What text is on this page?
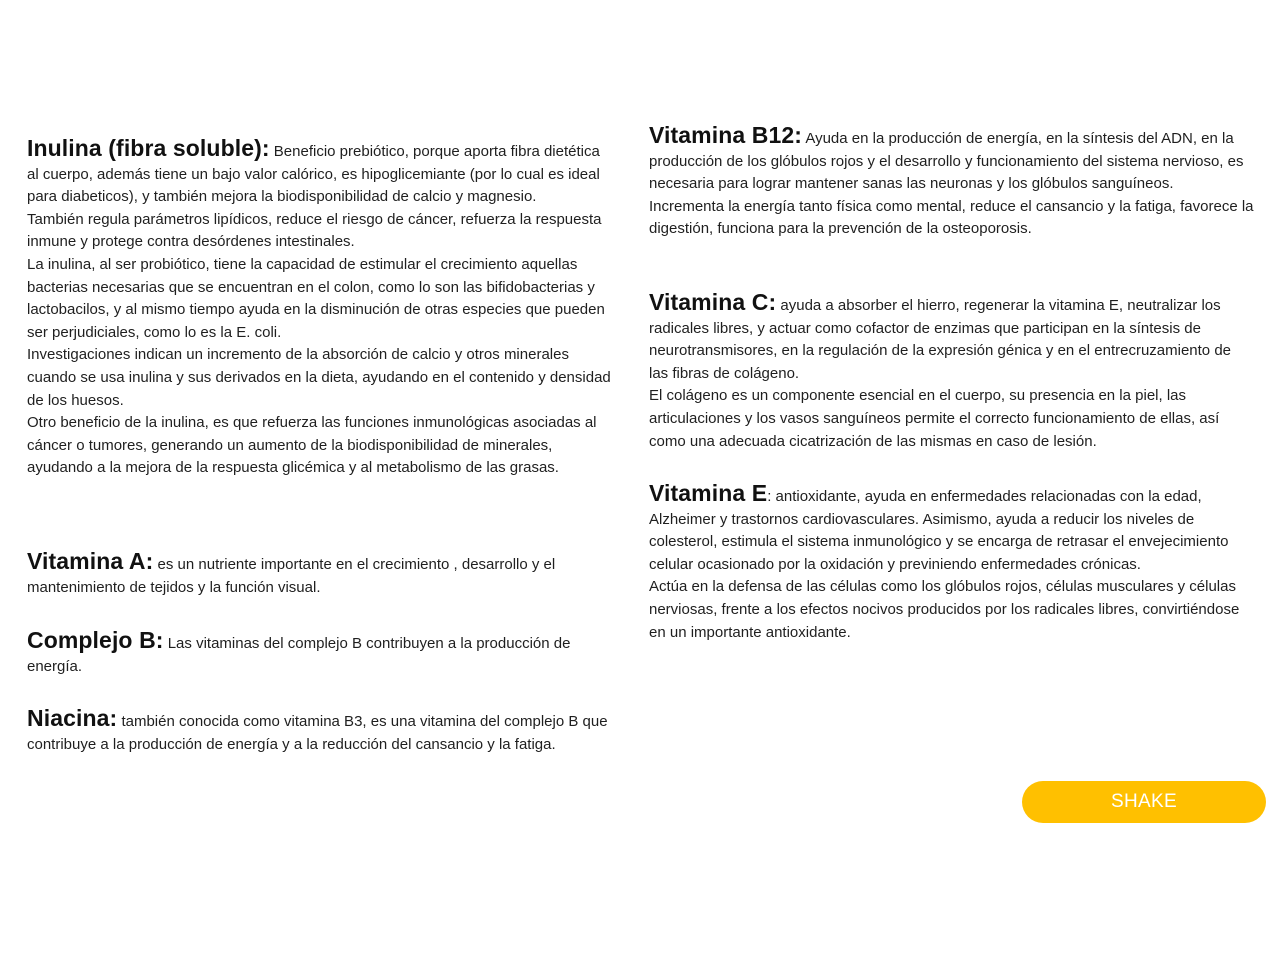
Inulina (fibra soluble): Beneficio prebiótico, porque aporta fibra dietética al cuerpo, además tiene un bajo valor calórico, es hipoglicemiante (por lo cual es ideal para diabeticos), y también mejora la biodisponibilidad de calcio y magnesio.

También regula parámetros lipídicos, reduce el riesgo de cáncer, refuerza la respuesta inmune y protege contra desórdenes intestinales.

La inulina, al ser probiótico, tiene la capacidad de estimular el crecimiento aquellas bacterias necesarias que se encuentran en el colon, como lo son las bifidobacterias y lactobacilos, y al mismo tiempo ayuda en la disminución de otras especies que pueden ser perjudiciales, como lo es la E. coli.

Investigaciones indican un incremento de la absorción de calcio y otros minerales cuando se usa inulina y sus derivados en la dieta, ayudando en el contenido y densidad de los huesos.

Otro beneficio de la inulina, es que refuerza las funciones inmunológicas asociadas al cáncer o tumores, generando un aumento de la biodisponibilidad de minerales, ayudando a la mejora de la respuesta glicémica y al metabolismo de las grasas.

Vitamina A: es un nutriente importante en el crecimiento , desarrollo y el mantenimiento de tejidos y la función visual.

Complejo B: Las vitaminas del complejo B contribuyen a la producción de energía.

Niacina: también conocida como vitamina B3, es una vitamina del complejo B que contribuye a la producción de energía y a la reducción del cansancio y la fatiga.

Vitamina B12: Ayuda en la producción de energía, en la síntesis del ADN, en la producción de los glóbulos rojos y el desarrollo y funcionamiento del sistema nervioso, es necesaria para lograr mantener sanas las neuronas y los glóbulos sanguíneos.

Incrementa la energía tanto física como mental, reduce el cansancio y la fatiga, favorece la digestión, funciona para la prevención de la osteoporosis.

Vitamina C: ayuda a absorber el hierro, regenerar la vitamina E, neutralizar los radicales libres, y actuar como cofactor de enzimas que participan en la síntesis de neurotransmisores, en la regulación de la expresión génica y en el entrecruzamiento de las fibras de colágeno.

El colágeno es un componente esencial en el cuerpo, su presencia en la piel, las articulaciones y los vasos sanguíneos permite el correcto funcionamiento de ellas, así como una adecuada cicatrización de las mismas en caso de lesión.

Vitamina E: antioxidante, ayuda en enfermedades relacionadas con la edad, Alzheimer y trastornos cardiovasculares. Asimismo, ayuda a reducir los niveles de colesterol, estimula el sistema inmunológico y se encarga de retrasar el envejecimiento celular ocasionado por la oxidación y previniendo enfermedades crónicas.

Actúa en la defensa de las células como los glóbulos rojos, células musculares y células nerviosas, frente a los efectos nocivos producidos por los radicales libres, convirtiéndose en un importante antioxidante.

SHAKE
